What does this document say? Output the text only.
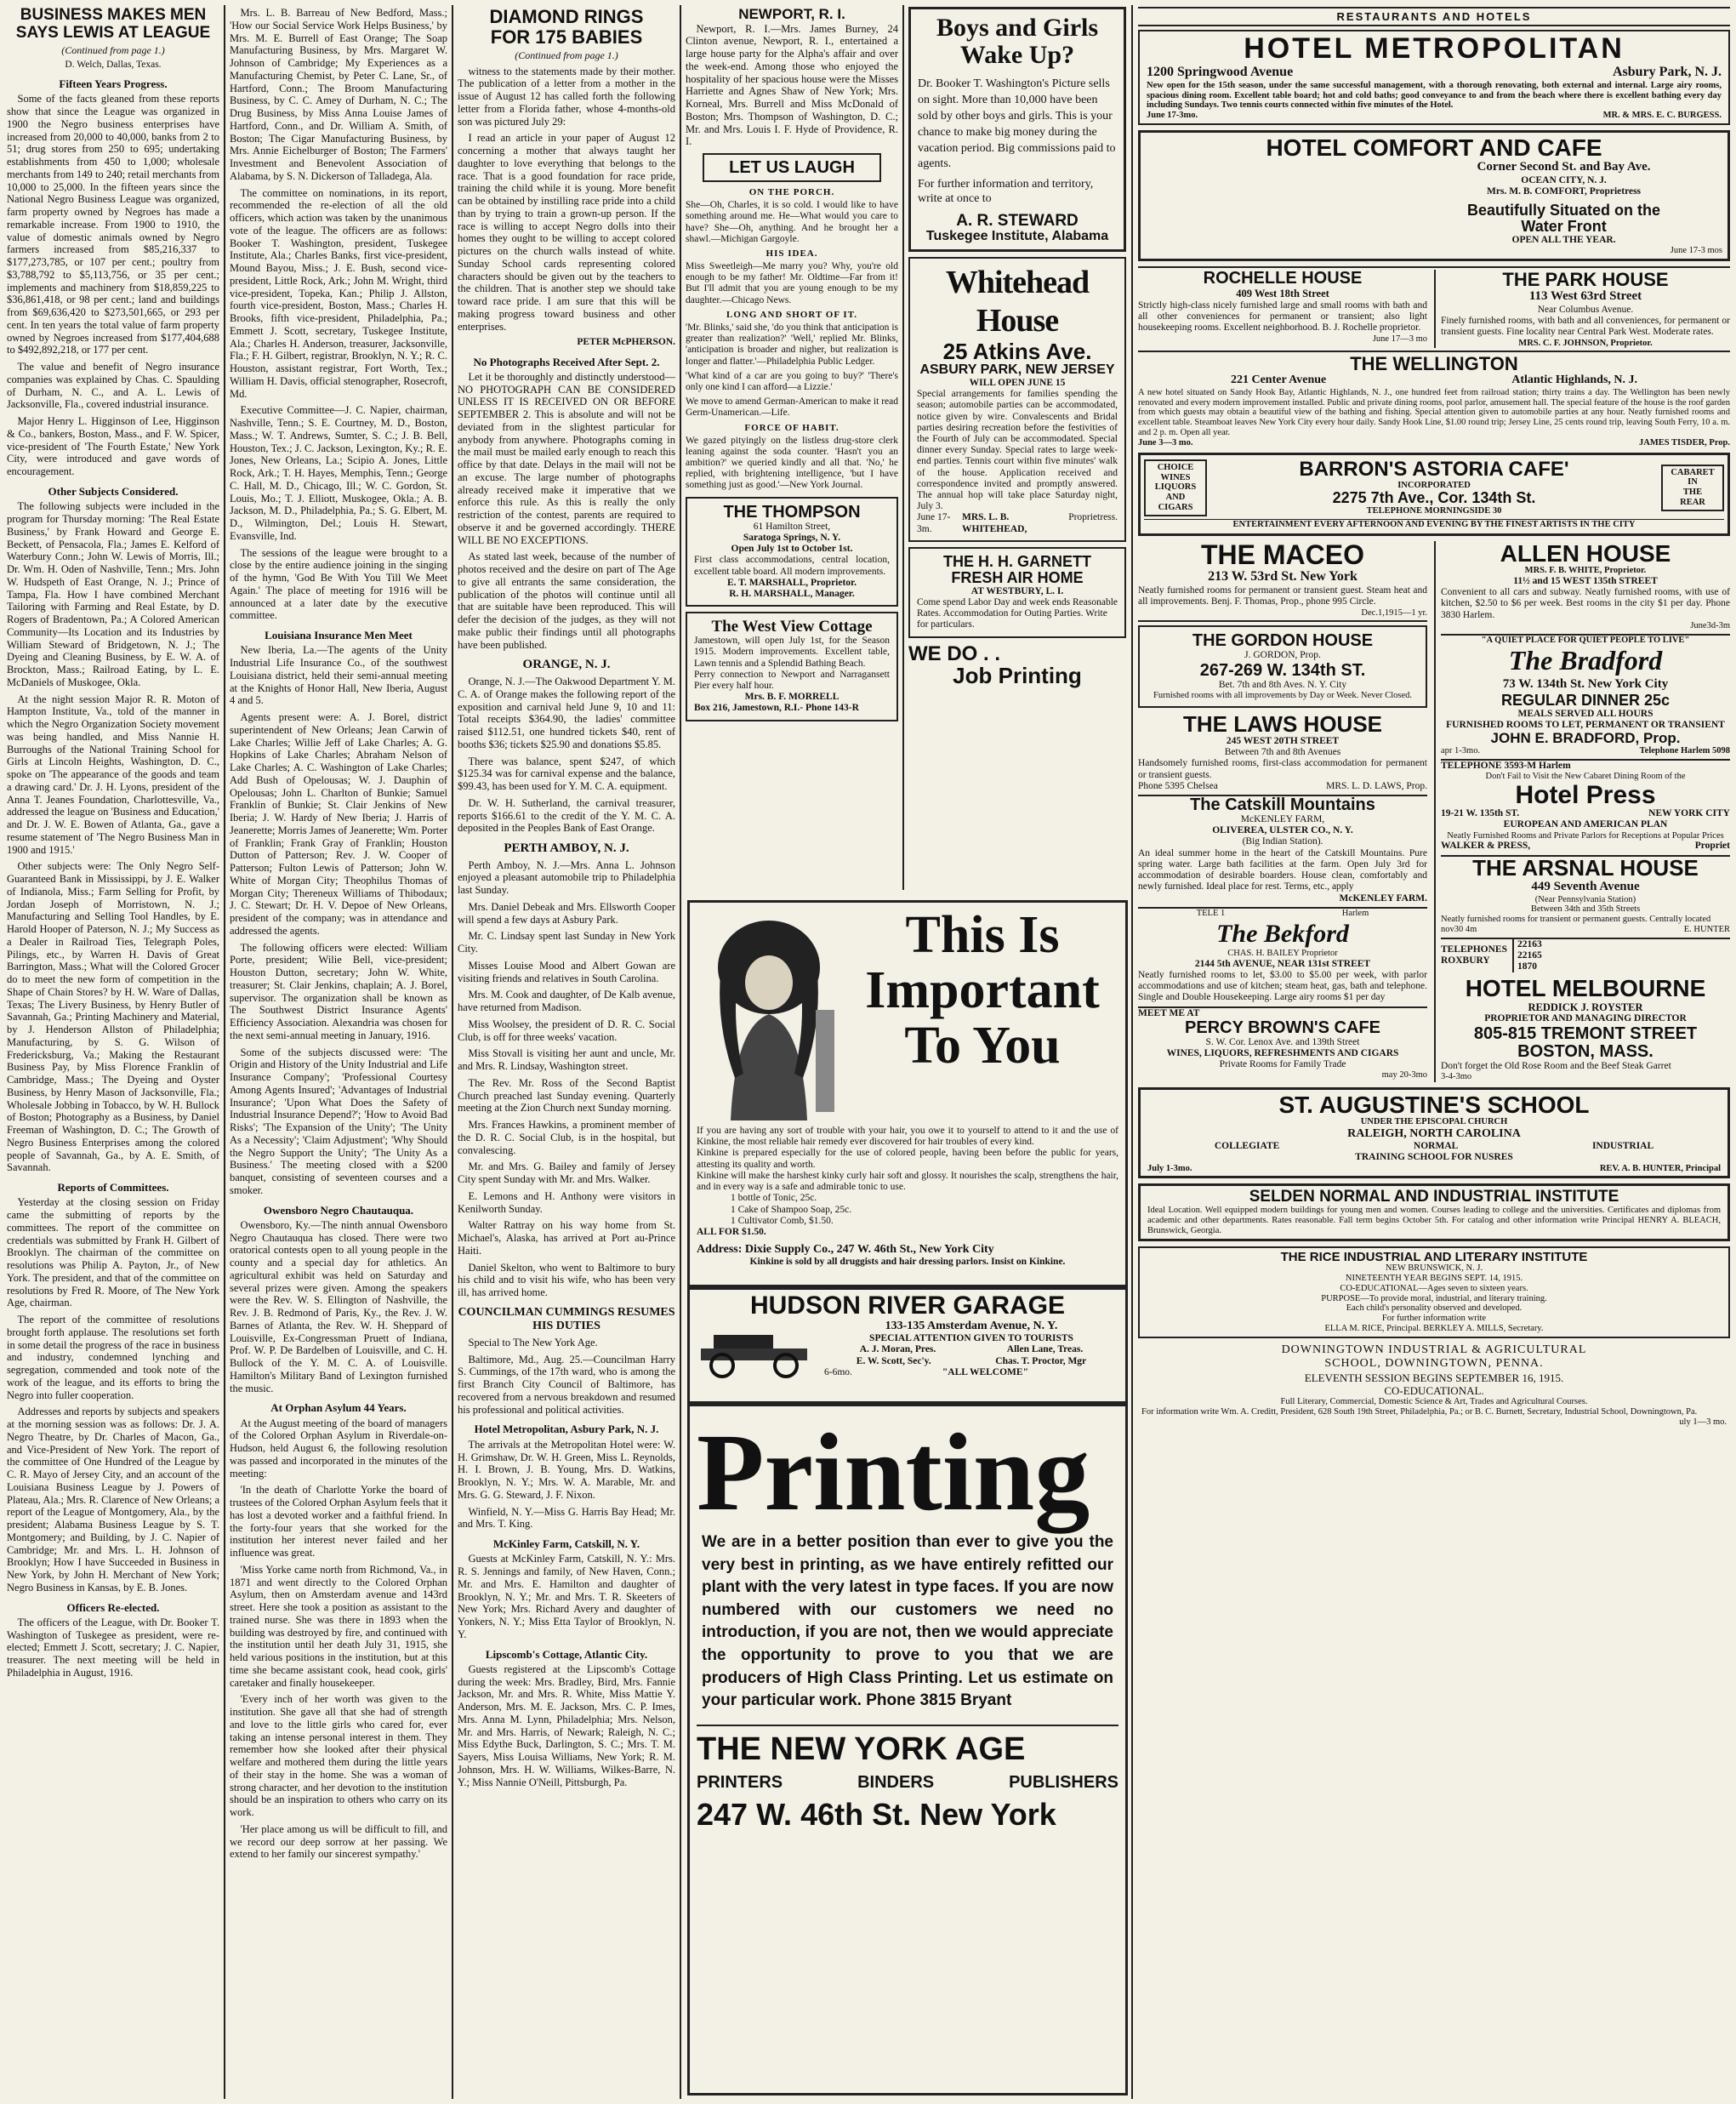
BUSINESS MAKES MEN SAYS LEWIS AT LEAGUE
(Continued from page 1.)
D. Welch, Dallas, Texas.
Fifteen Years Progress.

Some of the facts gleaned from these reports show that since the League was organized in 1900 the Negro business enterprises have increased from 20,000 to 40,000, banks from 2 to 51; drug stores from 250 to 695; undertaking establishments from 450 to 1,000; wholesale merchants from 149 to 240; retail merchants from 10,000 to 25,000. In the fifteen years since the National Negro Business League was organized, farm property owned by Negroes has made a remarkable increase. From 1900 to 1910, the value of domestic animals owned by Negro farmers increased from $85,216,337 to $177,273,785, or 107 per cent.; poultry from $3,788,792 to $5,113,756, or 35 per cent.; implements and machinery from $18,859,225 to $36,861,418, or 98 per cent.; land and buildings from $69,636,420 to $273,501,665, or 293 per cent. In ten years the total value of farm property owned by Negroes increased from $177,404,688 to $492,892,218, or 177 per cent.

The value and benefit of Negro insurance companies was explained by Chas. C. Spaulding of Durham, N. C., and A. L. Lewis of Jacksonville, Fla., covered industrial insurance.

Major Henry L. Higginson of Lee, Higginson & Co., bankers, Boston, Mass., and F. W. Spicer, vice-president of 'The Fourth Estate,' New York City, were introduced and gave words of encouragement.

Other Subjects Considered.

The following subjects were included in the program for Thursday morning: 'The Real Estate Business,' by Frank Howard and George E. Beckett, of Pensacola, Fla.; James E. Kelford of Waterbury Conn.; John W. Lewis of Morris, Ill.; Dr. Wm. H. Oden of Nashville, Tenn.; Mrs. John W. Hudspeth of East Orange, N. J.; Prince of Tampa, Fla. How I have combined Merchant Tailoring with Farming and Real Estate, by D. Rogers of Bradentown, Pa.; A Colored American Community—Its Location and its Industries by William Steward of Bridgetown, N. J.; The Dyeing and Cleaning Business, by E. W. A. of Brockton, Mass.; Railroad Eating, by L. E. McDaniels of Muskogee, Okla.

At the night session Major R. R. Moton of Hampton Institute, Va., told of the manner in which the Negro Organization Society movement was being handled, and Miss Nannie H. Burroughs of the National Training School for Girls at Lincoln Heights, Washington, D. C., spoke on 'The appearance of the goods and team a drawing card.' Dr. J. H. Lyons, president of the Anna T. Jeanes Foundation, Charlottesville, Va., addressed the league on 'Business and Education,' and Dr. J. W. E. Bowen of Atlanta, Ga., gave a resume statement of 'The Negro Business Man in 1900 and 1915.'

Other subjects were: The Only Negro Self-Guaranteed Bank in Mississippi, by J. E. Walker of Indianola, Miss.; Farm Selling for Profit, by Jordan Joseph of Morristown, N. J.; Manufacturing and Selling Tool Handles, by E. Harold Hooper of Paterson, N. J.; My Success as a Dealer in Railroad Ties, Telegraph Poles, Pilings, etc., by Warren H. Davis of Great Barrington, Mass.; What will the Colored Grocer do to meet the new form of competition in the Shape of Chain Stores? by H. W. Ware of Dallas, Texas; The Livery Business, by Henry Butler of Savannah, Ga.; Printing Machinery and Material, by J. Henderson Allston of Philadelphia; Manufacturing, by S. G. Wilson of Fredericksburg, Va.; Making the Restaurant Business Pay, by Miss Florence Franklin of Cambridge, Mass.; The Dyeing and Oyster Business, by Henry Mason of Jacksonville, Fla.; Wholesale Jobbing in Tobacco, by W. H. Bullock of Boston; Photography as a Business, by Daniel Freeman of Washington, D. C.; The Growth of Negro Business Enterprises among the colored people of Savannah, Ga., by A. E. Smith, of Savannah.

Reports of Committees.

Yesterday at the closing session on Friday came the submitting of reports by the committees. The report of the committee on credentials was submitted by Frank H. Gilbert of Brooklyn. The chairman of the committee on resolutions was Philip A. Payton, Jr., of New York. The president, and that of the committee on resolutions by Fred R. Moore, of The New York Age, chairman.

The report of the committee of resolutions brought forth applause. The resolutions set forth in some detail the progress of the race in business and industry, condemned lynching and segregation, commended and took note of the work of the league, and its efforts to bring the Negro into fuller cooperation.

Addresses and reports by subjects and speakers at the morning session was as follows: Dr. J. A. Negro Theatre, by Dr. Charles of Macon, Ga., and Vice-President of New York. The report of the committee of One Hundred of the League by C. R. Mayo of Jersey City, and an account of the Louisiana Business League by J. Powers of Plateau, Ala.; Mrs. R. Clarence of New Orleans; a report of the League of Montgomery, Ala., by the president; Alabama Business League by S. T. Montgomery; and Building, by J. C. Napier of Cambridge; Mr. and Mrs. L. H. Johnson of Brooklyn; How I have Succeeded in Business in New York, by John H. Merchant of New York; Negro Business in Kansas, by E. B. Jones.

Officers Re-elected.

The officers of the League, with Dr. Booker T. Washington of Tuskegee as president, were re-elected; Emmett J. Scott, secretary; J. C. Napier, treasurer. The next meeting will be held in Philadelphia in August, 1916.

Mrs. L. B. Barreau of New Bedford, Mass.; 'How our Social Service Work Helps Business,' by Mrs. M. E. Burrell of East Orange; The Soap Manufacturing Business, by Mrs. Margaret W. Johnson of Cambridge; My Experiences as a Manufacturing Chemist, by Peter C. Lane, Sr., of Hartford, Conn.; The Broom Manufacturing Business, by C. C. Amey of Durham, N. C.; The Drug Business, by Miss Anna Louise James of Hartford, Conn., and Dr. William A. Smith, of Boston; The Cigar Manufacturing Business, by Mrs. Annie Eichelburger of Boston; The Farmers' Investment and Benevolent Association of Alabama, by S. N. Dickerson of Talladega, Ala.

The committee on nominations, in its report, recommended the re-election of all the old officers, which action was taken by the unanimous vote of the league. The officers are as follows: Booker T. Washington, president, Tuskegee Institute, Ala.; Charles Banks, first vice-president, Mound Bayou, Miss.; J. E. Bush, second vice-president, Little Rock, Ark.; John M. Wright, third vice-president, Topeka, Kan.; Philip J. Allston, fourth vice-president, Boston, Mass.; Charles H. Brooks, fifth vice-president, Philadelphia, Pa.; Emmett J. Scott, secretary, Tuskegee Institute, Ala.; Charles H. Anderson, treasurer, Jacksonville, Fla.; F. H. Gilbert, registrar, Brooklyn, N. Y.; R. C. Houston, assistant registrar, Fort Worth, Tex.; William H. Davis, official stenographer, Rosecroft, Md.

Executive Committee—J. C. Napier, chairman, Nashville, Tenn.; S. E. Courtney, M. D., Boston, Mass.; W. T. Andrews, Sumter, S. C.; J. B. Bell, Houston, Tex.; J. C. Jackson, Lexington, Ky.; R. E. Jones, New Orleans, La.; Scipio A. Jones, Little Rock, Ark.; T. H. Hayes, Memphis, Tenn.; George C. Hall, M. D., Chicago, Ill.; W. C. Gordon, St. Louis, Mo.; T. J. Elliott, Muskogee, Okla.; A. B. Jackson, M. D., Philadelphia, Pa.; S. G. Elbert, M. D., Wilmington, Del.; Louis H. Stewart, Evansville, Ind.

The sessions of the league were brought to a close by the entire audience joining in the singing of the hymn, 'God Be With You Till We Meet Again.' The place of meeting for 1916 will be announced at a later date by the executive committee.

Louisiana Insurance Men Meet

New Iberia, La.—The agents of the Unity Industrial Life Insurance Co., of the southwest Louisiana district, held their semi-annual meeting at the Knights of Honor Hall, New Iberia, August 4 and 5.

Agents present were: A. J. Borel, district superintendent of New Orleans; Jean Carwin of Lake Charles; Willie Jeff of Lake Charles; A. G. Hopkins of Lake Charles; Abraham Nelson of Lake Charles; A. C. Washington of Lake Charles; Add Bush of Opelousas; W. J. Dauphin of Opelousas; John L. Charlton of Bunkie; Samuel Franklin of Bunkie; St. Clair Jenkins of New Iberia; J. W. Hardy of New Iberia; J. Harris of Jeanerette; Morris James of Jeanerette; Wm. Porter of Franklin; Frank Gray of Franklin; Houston Dutton of Patterson; Rev. J. W. Cooper of Patterson; Fulton Lewis of Patterson; John W. White of Morgan City; Theophilus Thomas of Morgan City; Thereneux Williams of Thibodaux; J. C. Stewart; Dr. H. V. Depoe of New Orleans, president of the company; was in attendance and addressed the agents.

The following officers were elected: William Porte, president; Wilie Bell, vice-president; Houston Dutton, secretary; John W. White, treasurer; St. Clair Jenkins, chaplain; A. J. Borel, supervisor. The organization shall be known as The Southwest District Insurance Agents' Efficiency Association. Alexandria was chosen for the next semi-annual meeting in January, 1916.

Some of the subjects discussed were: 'The Origin and History of the Unity Industrial and Life Insurance Company'; 'Professional Courtesy Among Agents Insured'; 'Advantages of Industrial Insurance'; 'Upon What Does the Safety of Industrial Insurance Depend?'; 'How to Avoid Bad Risks'; 'The Expansion of the Unity'; 'The Unity As a Necessity'; 'Claim Adjustment'; 'Why Should the Negro Support the Unity'; 'The Unity As a Business.' The meeting closed with a $200 banquet, consisting of seventeen courses and a smoker.

Owensboro Negro Chautauqua.

Owensboro, Ky.—The ninth annual Owensboro Negro Chautauqua has closed. There were two oratorical contests open to all young people in the county and a special day for athletics. An agricultural exhibit was held on Saturday and several prizes were given. Among the speakers were the Rev. W. S. Ellington of Nashville, the Rev. J. B. Redmond of Paris, Ky., the Rev. J. W. Barnes of Atlanta, the Rev. W. H. Sheppard of Louisville, Ex-Congressman Pruett of Indiana, Prof. W. P. De Bardelben of Louisville, and C. H. Bullock of the Y. M. C. A. of Louisville. Hamilton's Military Band of Lexington furnished the music.

At Orphan Asylum 44 Years.

At the August meeting of the board of managers of the Colored Orphan Asylum in Riverdale-on-Hudson, held August 6, the following resolution was passed and incorporated in the minutes of the meeting:

'In the death of Charlotte Yorke the board of trustees of the Colored Orphan Asylum feels that it has lost a devoted worker and a faithful friend. In the forty-four years that she worked for the institution her interest never failed and her influence was great.

'Miss Yorke came north from Richmond, Va., in 1871 and went directly to the Colored Orphan Asylum, then on Amsterdam avenue and 143rd street. Here she took a position as assistant to the trained nurse. She was there in 1893 when the building was destroyed by fire, and continued with the institution until her death July 31, 1915, she held various positions in the institution, but at this time she became assistant cook, head cook, girls' caretaker and finally housekeeper.

'Every inch of her worth was given to the institution. She gave all that she had of strength and love to the little girls who cared for, ever taking an intense personal interest in them. They remember how she looked after their physical welfare and mothered them during the little years of their stay in the home. She was a woman of strong character, and her devotion to the institution should be an inspiration to others who carry on its work.

'Her place among us will be difficult to fill, and we record our deep sorrow at her passing. We extend to her family our sincerest sympathy.'

DIAMOND RINGS
FOR 175 BABIES
(Continued from page 1.)

witness to the statements made by their mother. The publication of a letter from a mother in the issue of August 12 has called forth the following letter from a Florida father, whose 4-months-old son was pictured July 29:

I read an article in your paper of August 12 concerning a mother that always taught her daughter to love everything that belongs to the race. That is a good foundation for race pride, training the child while it is young. More benefit can be obtained by instilling race pride into a child than by trying to train a grown-up person. If the race is willing to accept Negro dolls into their homes they ought to be willing to accept colored pictures on the church walls instead of white. Sunday School cards representing colored characters should be given out by the teachers to the children. That is another step we should take toward race pride. I am sure that this will be making progress toward business and other enterprises.

PETER McPHERSON.
No Photographs Received After Sept. 2.

Let it be thoroughly and distinctly understood—NO PHOTOGRAPH CAN BE CONSIDERED UNLESS IT IS RECEIVED ON OR BEFORE SEPTEMBER 2. This is absolute and will not be deviated from in the slightest particular for anybody from anywhere. Photographs coming in the mail must be mailed early enough to reach this office by that date. Delays in the mail will not be an excuse. The large number of photographs already received make it imperative that we enforce this rule. As this is really the only restriction of the contest, parents are required to observe it and be governed accordingly. THERE WILL BE NO EXCEPTIONS.

As stated last week, because of the number of photos received and the desire on part of The Age to give all entrants the same consideration, the publication of the photos will continue until all that are suitable have been reproduced. This will defer the decision of the judges, as they will not make public their findings until all photographs have been published.

ORANGE, N. J.

Orange, N. J.—The Oakwood Department Y. M. C. A. of Orange makes the following report of the exposition and carnival held June 9, 10 and 11: Total receipts $364.90, the ladies' committee raised $112.51, one hundred tickets $40, rent of booths $36; tickets $25.90 and donations $5.85.

There was balance, spent $247, of which $125.34 was for carnival expense and the balance, $99.43, has been used for Y. M. C. A. equipment.

Dr. W. H. Sutherland, the carnival treasurer, reports $166.61 to the credit of the Y. M. C. A. deposited in the Peoples Bank of East Orange.

PERTH AMBOY, N. J.

Perth Amboy, N. J.—Mrs. Anna L. Johnson enjoyed a pleasant automobile trip to Philadelphia last Sunday.

Mrs. Daniel Debeak and Mrs. Ellsworth Cooper will spend a few days at Asbury Park.

Mr. C. Lindsay spent last Sunday in New York City.

Misses Louise Mood and Albert Gowan are visiting friends and relatives in South Carolina.

Mrs. M. Cook and daughter, of De Kalb avenue, have returned from Madison.

Miss Woolsey, the president of D. R. C. Social Club, is off for three weeks' vacation.

Miss Stovall is visiting her aunt and uncle, Mr. and Mrs. R. Lindsay, Washington street.

The Rev. Mr. Ross of the Second Baptist Church preached last Sunday evening. Quarterly meeting at the Zion Church next Sunday morning.

Mrs. Frances Hawkins, a prominent member of the D. R. C. Social Club, is in the hospital, but convalescing.

Mr. and Mrs. G. Bailey and family of Jersey City spent Sunday with Mr. and Mrs. Walker.

E. Lemons and H. Anthony were visitors in Kenilworth Sunday.

Walter Rattray on his way home from St. Michael's, Alaska, has arrived at Port au-Prince Haiti.

Daniel Skelton, who went to Baltimore to bury his child and to visit his wife, who has been very ill, has arrived home.

COUNCILMAN CUMMINGS RESUMES HIS DUTIES

Special to The New York Age.

Baltimore, Md., Aug. 25.—Councilman Harry S. Cummings, of the 17th ward, who is among the first Branch City Council of Baltimore, has recovered from a nervous breakdown and resumed his professional and political activities.

Hotel Metropolitan, Asbury Park, N. J.

The arrivals at the Metropolitan Hotel were: W. H. Grimshaw, Dr. W. H. Green, Miss L. Reynolds, H. I. Brown, J. B. Young, Mrs. D. Watkins, Brooklyn, N. Y.; Mrs. W. A. Marable, Mr. and Mrs. G. G. Steward, J. F. Nixon.

Winfield, N. Y.—Miss G. Harris Bay Head; Mr. and Mrs. T. King.

McKinley Farm, Catskill, N. Y.

Guests at McKinley Farm, Catskill, N. Y.: Mrs. R. S. Jennings and family, of New Haven, Conn.; Mr. and Mrs. E. Hamilton and daughter of Brooklyn, N. Y.; Mr. and Mrs. T. R. Skeeters of New York; Mrs. Richard Avery and daughter of Yonkers, N. Y.; Miss Etta Taylor of Brooklyn, N. Y.

Lipscomb's Cottage, Atlantic City.

Guests registered at the Lipscomb's Cottage during the week: Mrs. Bradley, Bird, Mrs. Fannie Jackson, Mr. and Mrs. R. White, Miss Mattie Y. Anderson, Mrs. M. E. Jackson, Mrs. C. P. Imes, Mrs. Anna M. Lynn, Philadelphia; Mrs. Nelson, Mr. and Mrs. Harris, of Newark; Raleigh, N. C.; Miss Edythe Buck, Darlington, S. C.; Mrs. T. M. Sayers, Miss Louisa Williams, New York; R. M. Johnson, Mrs. H. W. Williams, Wilkes-Barre, N. Y.; Miss Nannie O'Neill, Pittsburgh, Pa.

NEWPORT, R. I.

Newport, R. I.—Mrs. James Burney, 24 Clinton avenue, Newport, R. I., entertained a large house party for the Alpha's affair and over the week-end. Among those who enjoyed the hospitality of her spacious house were the Misses Harriette and Agnes Shaw of New York; Mrs. Korneal, Mrs. Burrell and Miss McDonald of Boston; Mrs. Thompson of Washington, D. C.; Mr. and Mrs. Louis I. F. Hyde of Providence, R. I.

LET US LAUGH
ON THE PORCH.
She—Oh, Charles, it is so cold. I would like to have something around me. He—What would you care to have? She—Oh, anything. And he brought her a shawl.—Michigan Gargoyle.
HIS IDEA.
Miss Sweetleigh—Me marry you? Why, you're old enough to be my father! Mr. Oldtime—Far from it! But I'll admit that you are young enough to be my daughter.—Chicago News.
LONG AND SHORT OF IT.
'Mr. Blinks,' said she, 'do you think that anticipation is greater than realization?' 'Well,' replied Mr. Blinks, 'anticipation is broader and nigher, but realization is longer and flatter.'—Philadelphia Public Ledger.
'What kind of a car are you going to buy?' 'There's only one kind I can afford—a Lizzie.'
We move to amend German-American to make it read Germ-Unamerican.—Life.
FORCE OF HABIT.
We gazed pityingly on the listless drug-store clerk leaning against the soda counter. 'Hasn't you an ambition?' we queried kindly and all that. 'No,' he replied, with brightening intelligence, 'but I have something just as good.'—New York Journal.
THE THOMPSON
61 Hamilton Street,
Saratoga Springs, N. Y.
Open July 1st to October 1st.
First class accommodations, central location, excellent table board. All modern improvements.
E. T. MARSHALL, Proprietor.
R. H. MARSHALL, Manager.
The West View Cottage
Jamestown, will open July 1st, for the Season 1915. Modern improvements. Excellent table, Lawn tennis and a Splendid Bathing Beach.
Perry connection to Newport and Narragansett Pier every half hour.
Mrs. B. F. MORRELL
Box 216, Jamestown, R.I.- Phone 143-R
Boys and Girls
Wake Up?
Dr. Booker T. Washington's Picture sells on sight. More than 10,000 have been sold by other boys and girls. This is your chance to make big money during the vacation period. Big commissions paid to agents.
For further information and territory, write at once to
A. R. STEWARD
Tuskegee Institute, Alabama
Whitehead House
25 Atkins Ave.
ASBURY PARK, NEW JERSEY
WILL OPEN JUNE 15
Special arrangements for families spending the season; automobile parties can be accommodated, notice given by wire. Convalescents and Bridal parties desiring recreation before the festivities of the Fourth of July can be accommodated. Special dinner every Sunday. Special rates to large week-end parties. Tennis court within five minutes' walk of the house. Application received and correspondence invited and promptly answered. The annual hop will take place Saturday night, July 3.
June 17-3m.
MRS. L. B. WHITEHEAD,
Proprietress.
THE H. H. GARNETT
FRESH AIR HOME
AT WESTBURY, L. I.
Come spend Labor Day and week ends Reasonable Rates. Accommodation for Outing Parties. Write for particulars.
WE DO . .
Job Printing
This Is
Important
To You
If you are having any sort of trouble with your hair, you owe it to yourself to attend to it and the use of Kinkine, the most reliable hair remedy ever discovered for hair troubles of every kind.
Kinkine is prepared especially for the use of colored people, having been before the public for years, attesting its quality and worth.
Kinkine will make the harshest kinky curly hair soft and glossy. It nourishes the scalp, strengthens the hair, and in every way is a safe and admirable tonic to use.
1 bottle of Tonic, 25c.
1 Cake of Shampoo Soap, 25c.
1 Cultivator Comb, $1.50.
ALL FOR $1.50.
Address: Dixie Supply Co., 247 W. 46th St., New York City
Kinkine is sold by all druggists and hair dressing parlors. Insist on Kinkine.
HUDSON RIVER GARAGE
133-135 Amsterdam Avenue, N. Y.
SPECIAL ATTENTION GIVEN TO TOURISTS
A. J. Moran, Pres.	Allen Lane, Treas.
E. W. Scott, Sec'y.	Chas. T. Proctor, Mgr
6-6mo.	"ALL WELCOME"
Printing
We are in a better position than ever to give you the very best in printing, as we have entirely refitted our plant with the very latest in type faces. If you are now numbered with our customers we need no introduction, if you are not, then we would appreciate the opportunity to prove to you that we are producers of High Class Printing. Let us estimate on your particular work. Phone 3815 Bryant
THE NEW YORK AGE
PRINTERS	BINDERS	PUBLISHERS
247 W. 46th St. New York
RESTAURANTS AND HOTELS
HOTEL METROPOLITAN
1200 Springwood Avenue	Asbury Park, N. J.
New open for the 15th season, under the same successful management, with a thorough renovating, both external and internal. Large airy rooms, spacious dining room. Excellent table board; hot and cold baths; good conveyance to and from the beach where there is excellent bathing every day including Sundays. Two tennis courts connected within five minutes of the Hotel.
June 17-3mo.	MR. & MRS. E. C. BURGESS.
HOTEL COMFORT AND CAFE
Corner Second St. and Bay Ave.
OCEAN CITY, N. J.
Mrs. M. B. COMFORT, Proprietress
Beautifully Situated on the
Water Front
OPEN ALL THE YEAR.
June 17-3 mos
ROCHELLE HOUSE
409 West 18th Street
Strictly high-class nicely furnished large and small rooms with bath and all other conveniences for permanent or transient; also light housekeeping rooms. Excellent neighborhood. B. J. Rochelle proprietor.
June 17—3 mo
THE PARK HOUSE
113 West 63rd Street
Near Columbus Avenue.
Finely furnished rooms, with bath and all conveniences, for permanent or transient guests. Fine locality near Central Park West. Moderate rates.
MRS. C. F. JOHNSON, Proprietor.
THE WELLINGTON
221 Center Avenue	Atlantic Highlands, N. J.
A new hotel situated on Sandy Hook Bay, Atlantic Highlands, N. J., one hundred feet from railroad station; thirty trains a day. The Wellington has been newly renovated and every modern improvement installed. Public and private dining rooms, pool parlor, amusement hall. The special feature of the house is the roof garden from which guests may obtain a beautiful view of the bathing and fishing. Special attention given to automobile parties at any hour. Neatly furnished rooms and excellent table. Steamboat leaves New York City every hour daily. Sandy Hook Line, $1.00 round trip; Jersey Line, 25 cents round trip, leaving South Ferry, 10 a. m. and 2 p. m. Open all year.
June 3—3 mo.	JAMES TISDER, Prop.
CHOICE
WINES
LIQUORS
AND
CIGARS
BARRON'S ASTORIA CAFE'
INCORPORATED
2275 7th Ave., Cor. 134th St.
TELEPHONE MORNINGSIDE 30
CABARET
IN
THE
REAR
ENTERTAINMENT EVERY AFTERNOON AND EVENING BY THE FINEST ARTISTS IN THE CITY
THE MACEO
213 W. 53rd St. New York
Neatly furnished rooms for permanent or transient guest. Steam heat and all improvements. Benj. F. Thomas, Prop., phone 995 Circle.
Dec.1,1915—1 yr.
THE GORDON HOUSE
J. GORDON, Prop.
267-269 W. 134th ST.
Bet. 7th and 8th Aves. N. Y. City
Furnished rooms with all improvements by Day or Week. Never Closed.
THE LAWS HOUSE
245 WEST 20TH STREET
Between 7th and 8th Avenues
Handsomely furnished rooms, first-class accommodation for permanent or transient guests.
Phone 5395 Chelsea	MRS. L. D. LAWS, Prop.
The Catskill Mountains
McKENLEY FARM,
OLIVEREA, ULSTER CO., N. Y.
(Big Indian Station).
An ideal summer home in the heart of the Catskill Mountains. Pure spring water. Large bath facilities at the farm. Open July 3rd for accommodation of desirable boarders. House clean, comfortably and newly furnished. Ideal place for rest. Terms, etc., apply
McKENLEY FARM.
TELE 1	Harlem
The Bekford
CHAS. H. BAILEY Proprietor
2144 5th AVENUE, NEAR 131st STREET
Neatly furnished rooms to let, $3.00 to $5.00 per week, with parlor accommodations and use of kitchen; steam heat, gas, bath and telephone. Single and Double Housekeeping. Large airy rooms $1 per day
MEET ME AT
PERCY BROWN'S CAFE
S. W. Cor. Lenox Ave. and 139th Street
WINES, LIQUORS, REFRESHMENTS AND CIGARS
Private Rooms for Family Trade
may 20-3mo
ALLEN HOUSE
MRS. F. B. WHITE, Proprietor.
11½ and 15 WEST 135th STREET
Convenient to all cars and subway. Neatly furnished rooms, with use of kitchen, $2.50 to $6 per week. Best rooms in the city $1 per day. Phone 3830 Harlem.
June3d-3m
"A QUIET PLACE FOR QUIET PEOPLE TO LIVE"
The Bradford
73 W. 134th St. New York City
REGULAR DINNER 25c
MEALS SERVED ALL HOURS
FURNISHED ROOMS TO LET, PERMANENT OR TRANSIENT
JOHN E. BRADFORD, Prop.
apr 1-3mo.	Telephone Harlem 5098
TELEPHONE 3593-M Harlem
Don't Fail to Visit the New Cabaret Dining Room of the
Hotel Press
19-21 W. 135th ST.	NEW YORK CITY
EUROPEAN AND AMERICAN PLAN
Neatly Furnished Rooms and Private Parlors for Receptions at Popular Prices
WALKER & PRESS,	Propriet
THE ARSNAL HOUSE
449 Seventh Avenue
(Near Pennsylvania Station)
Between 34th and 35th Streets
Neatly furnished rooms for transient or permanent guests. Centrally located
nov30 4m	E. HUNTER
TELEPHONES
ROXBURY
22163
22165
1870
HOTEL MELBOURNE
REDDICK J. ROYSTER
PROPRIETOR AND MANAGING DIRECTOR
805-815 TREMONT STREET
BOSTON, MASS.
Don't forget the Old Rose Room and the Beef Steak Garret
3-4-3mo
ST. AUGUSTINE'S SCHOOL
UNDER THE EPISCOPAL CHURCH
RALEIGH, NORTH CAROLINA
COLLEGIATE	NORMAL	INDUSTRIAL
TRAINING SCHOOL FOR NUSRES
July 1-3mo.	REV. A. B. HUNTER, Principal
SELDEN NORMAL AND INDUSTRIAL INSTITUTE
Ideal Location. Well equipped modern buildings for young men and women. Courses leading to college and the universities. Certificates and diplomas from academic and other departments. Rates reasonable. Fall term begins October 5th. For catalog and other information write Principal HENRY A. BLEACH, Brunswick, Georgia.
THE RICE INDUSTRIAL AND LITERARY INSTITUTE
NEW BRUNSWICK, N. J.
NINETEENTH YEAR BEGINS SEPT. 14, 1915.
CO-EDUCATIONAL—Ages seven to sixteen years.
PURPOSE—To provide moral, industrial, and literary training.
Each child's personality observed and developed.
For further information write
ELLA M. RICE, Principal. BERKLEY A. MILLS, Secretary.
DOWNINGTOWN INDUSTRIAL & AGRICULTURAL
SCHOOL, DOWNINGTOWN, PENNA.
ELEVENTH SESSION BEGINS SEPTEMBER 16, 1915.
CO-EDUCATIONAL.
Full Literary, Commercial, Domestic Science & Art, Trades and Agricultural Courses.
For information write Wm. A. Creditt, President, 628 South 19th Street, Philadelphia, Pa.; or B. C. Burnett, Secretary, Industrial School, Downingtown, Pa.
uly 1—3 mo.
